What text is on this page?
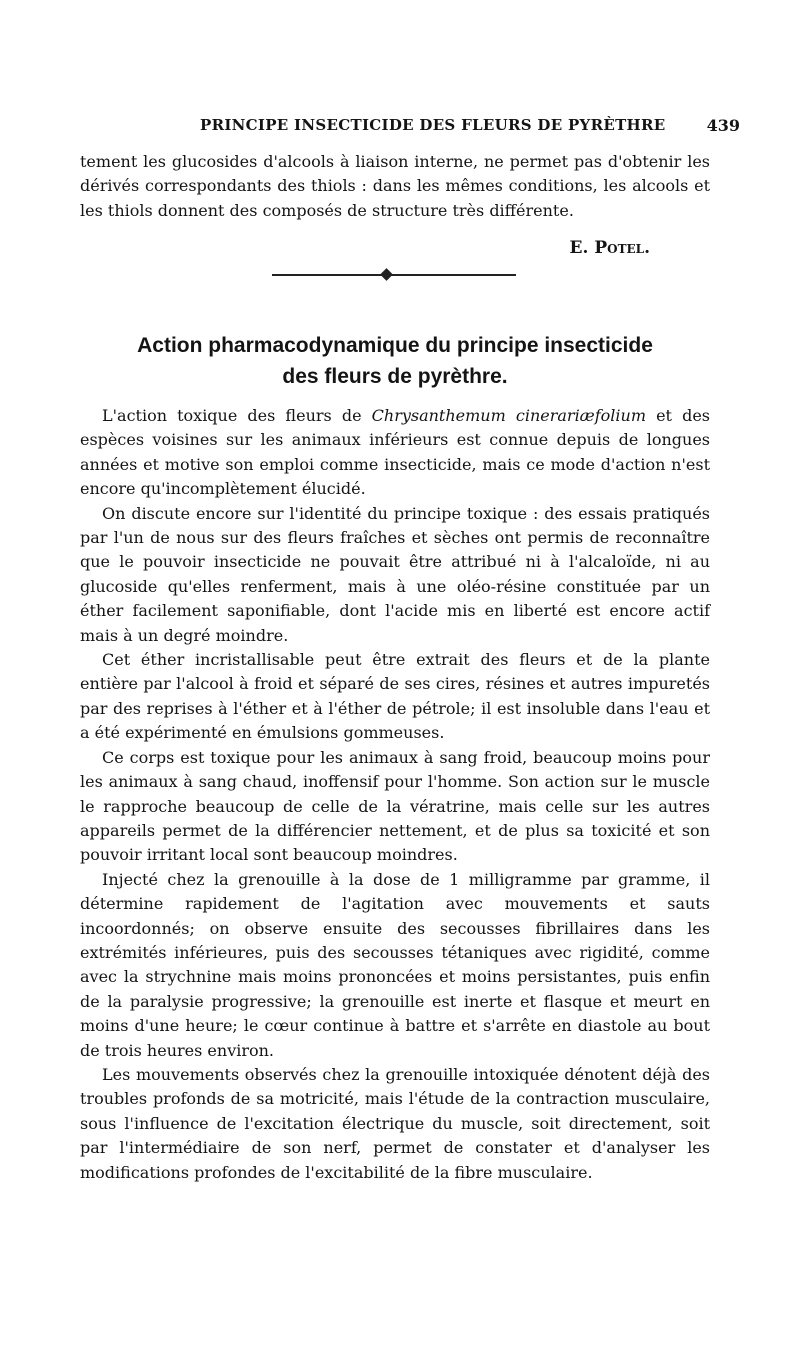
PRINCIPE INSECTICIDE DES FLEURS DE PYRÈTHRE	439

tement les glucosides d'alcools à liaison interne, ne permet pas d'obtenir les dérivés correspondants des thiols : dans les mêmes conditions, les alcools et les thiols donnent des composés de structure très différente.

E. Potel.
Action pharmacodynamique du principe insecticide
des fleurs de pyrèthre.

L'action toxique des fleurs de Chrysanthemum cinerariæfolium et des espèces voisines sur les animaux inférieurs est connue depuis de longues années et motive son emploi comme insecticide, mais ce mode d'action n'est encore qu'incomplètement élucidé.

On discute encore sur l'identité du principe toxique : des essais pratiqués par l'un de nous sur des fleurs fraîches et sèches ont permis de reconnaître que le pouvoir insecticide ne pouvait être attribué ni à l'alcaloïde, ni au glucoside qu'elles renferment, mais à une oléo-résine constituée par un éther facilement saponifiable, dont l'acide mis en liberté est encore actif mais à un degré moindre.

Cet éther incristallisable peut être extrait des fleurs et de la plante entière par l'alcool à froid et séparé de ses cires, résines et autres impuretés par des reprises à l'éther et à l'éther de pétrole; il est insoluble dans l'eau et a été expérimenté en émulsions gommeuses.

Ce corps est toxique pour les animaux à sang froid, beaucoup moins pour les animaux à sang chaud, inoffensif pour l'homme. Son action sur le muscle le rapproche beaucoup de celle de la vératrine, mais celle sur les autres appareils permet de la différencier nettement, et de plus sa toxicité et son pouvoir irritant local sont beaucoup moindres.

Injecté chez la grenouille à la dose de 1 milligramme par gramme, il détermine rapidement de l'agitation avec mouvements et sauts incoordonnés; on observe ensuite des secousses fibrillaires dans les extrémités inférieures, puis des secousses tétaniques avec rigidité, comme avec la strychnine mais moins prononcées et moins persistantes, puis enfin de la paralysie progressive; la grenouille est inerte et flasque et meurt en moins d'une heure; le cœur continue à battre et s'arrête en diastole au bout de trois heures environ.

Les mouvements observés chez la grenouille intoxiquée dénotent déjà des troubles profonds de sa motricité, mais l'étude de la contraction musculaire, sous l'influence de l'excitation électrique du muscle, soit directement, soit par l'intermédiaire de son nerf, permet de constater et d'analyser les modifications profondes de l'excitabilité de la fibre musculaire.
